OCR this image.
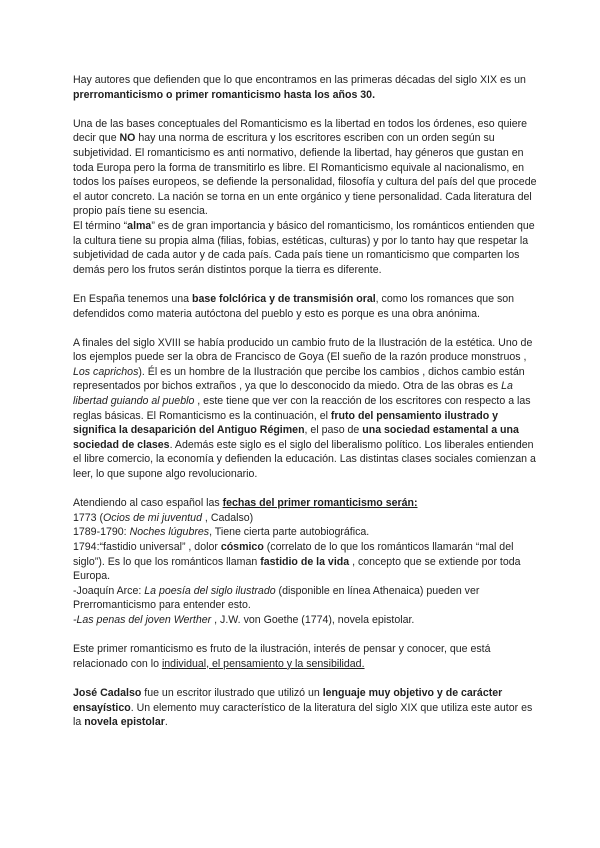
Hay autores que defienden que lo que encontramos en las primeras décadas del siglo XIX es un prerromanticismo o primer romanticismo hasta los años 30.

Una de las bases conceptuales del Romanticismo es la libertad en todos los órdenes, eso quiere decir que NO hay una norma de escritura y los escritores escriben con un orden según su subjetividad. El romanticismo es anti normativo, defiende la libertad, hay géneros que gustan en toda Europa pero la forma de transmitirlo es libre. El Romanticismo equivale al nacionalismo, en todos los países europeos, se defiende la personalidad, filosofía y cultura del país del que procede el autor concreto. La nación se torna en un ente orgánico y tiene personalidad. Cada literatura del propio país tiene su esencia.

El término “alma” es de gran importancia y básico del romanticismo, los románticos entienden que la cultura tiene su propia alma (filias, fobias, estéticas, culturas) y por lo tanto hay que respetar la subjetividad de cada autor y de cada país. Cada país tiene un romanticismo que comparten los demás pero los frutos serán distintos porque la tierra es diferente.

En España tenemos una base folclórica y de transmisión oral, como los romances que son defendidos como materia autóctona del pueblo y esto es porque es una obra anónima.

A finales del siglo XVIII se había producido un cambio fruto de la Ilustración de la estética. Uno de los ejemplos puede ser la obra de Francisco de Goya (El sueño de la razón produce monstruos , Los caprichos). Él es un hombre de la Ilustración que percibe los cambios , dichos cambio están representados por bichos extraños , ya que lo desconocido da miedo. Otra de las obras es La libertad guiando al pueblo , este tiene que ver con la reacción de los escritores con respecto a las reglas básicas. El Romanticismo es la continuación, el fruto del pensamiento ilustrado y significa la desaparición del Antiguo Régimen, el paso de una sociedad estamental a una sociedad de clases. Además este siglo es el siglo del liberalismo político. Los liberales entienden el libre comercio, la economía y defienden la educación. Las distintas clases sociales comienzan a leer, lo que supone algo revolucionario.

Atendiendo al caso español las fechas del primer romanticismo serán:

1773 (Ocios de mi juventud , Cadalso)

1789-1790: Noches lúgubres, Tiene cierta parte autobiográfica.

1794:“fastidio universal” , dolor cósmico (correlato de lo que los románticos llamarán “mal del siglo”). Es lo que los románticos llaman fastidio de la vida , concepto que se extiende por toda Europa.

-Joaquín Arce: La poesía del siglo ilustrado (disponible en línea Athenaica) pueden ver Prerromanticismo para entender esto.

-Las penas del joven Werther , J.W. von Goethe (1774), novela epistolar.

Este primer romanticismo es fruto de la ilustración, interés de pensar y conocer, que está relacionado con lo individual, el pensamiento y la sensibilidad.

José Cadalso fue un escritor ilustrado que utilizó un lenguaje muy objetivo y de carácter ensayístico. Un elemento muy característico de la literatura del siglo XIX que utiliza este autor es la novela epistolar.
